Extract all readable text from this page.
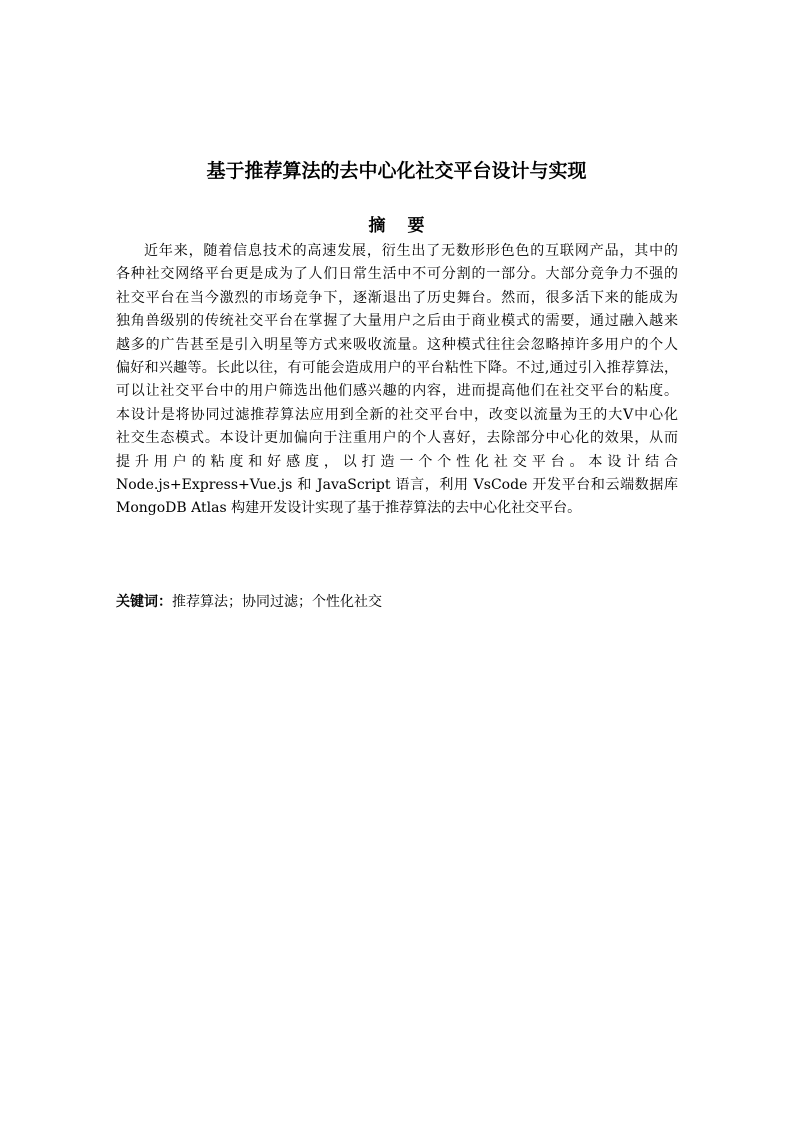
基于推荐算法的去中心化社交平台设计与实现
摘要
近年来，随着信息技术的高速发展，衍生出了无数形形色色的互联网产品，其中的
各种社交网络平台更是成为了人们日常生活中不可分割的一部分。大部分竞争力不强的
社交平台在当今激烈的市场竞争下，逐渐退出了历史舞台。然而，很多活下来的能成为
独角兽级别的传统社交平台在掌握了大量用户之后由于商业模式的需要，通过融入越来
越多的广告甚至是引入明星等方式来吸收流量。这种模式往往会忽略掉许多用户的个人
偏好和兴趣等。长此以往，有可能会造成用户的平台粘性下降。不过,通过引入推荐算法，
可以让社交平台中的用户筛选出他们感兴趣的内容，进而提高他们在社交平台的粘度。
本设计是将协同过滤推荐算法应用到全新的社交平台中，改变以流量为王的大V中心化
社交生态模式。本设计更加偏向于注重用户的个人喜好，去除部分中心化的效果，从而
提升用户的粘度和好感度，以打造一个个性化社交平台。本设计结合
Node.js+Express+Vue.js 和 JavaScript 语言，利用 VsCode 开发平台和云端数据库
MongoDB Atlas 构建开发设计实现了基于推荐算法的去中心化社交平台。

关键词：推荐算法；协同过滤；个性化社交
